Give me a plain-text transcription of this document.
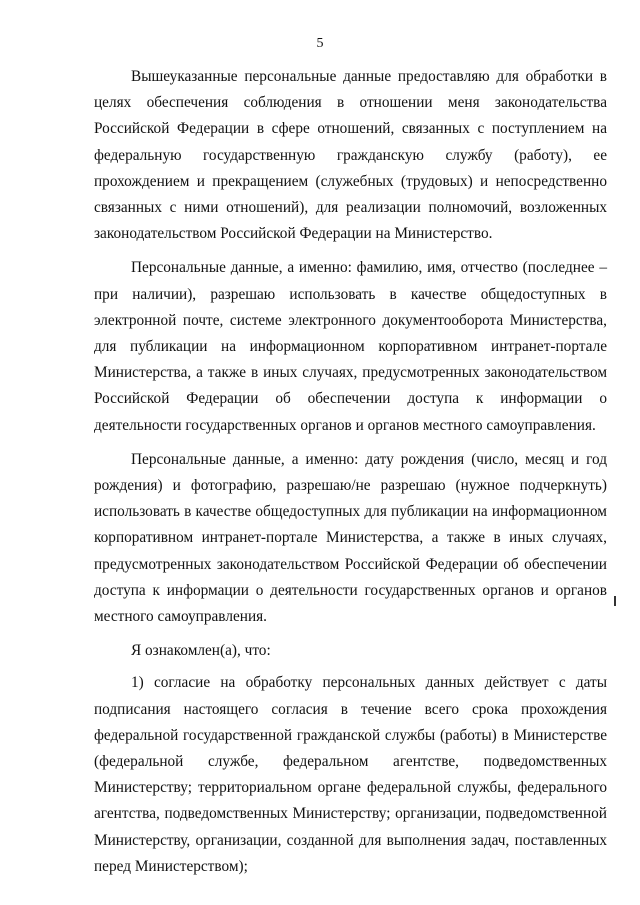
5

Вышеуказанные персональные данные предоставляю для обработки в целях обеспечения соблюдения в отношении меня законодательства Российской Федерации в сфере отношений, связанных с поступлением на федеральную государственную гражданскую службу (работу), ее прохождением и прекращением (служебных (трудовых) и непосредственно связанных с ними отношений), для реализации полномочий, возложенных законодательством Российской Федерации на Министерство.

Персональные данные, а именно: фамилию, имя, отчество (последнее – при наличии), разрешаю использовать в качестве общедоступных в электронной почте, системе электронного документооборота Министерства, для публикации на информационном корпоративном интранет-портале Министерства, а также в иных случаях, предусмотренных законодательством Российской Федерации об обеспечении доступа к информации о деятельности государственных органов и органов местного самоуправления.

Персональные данные, а именно: дату рождения (число, месяц и год рождения) и фотографию, разрешаю/не разрешаю (нужное подчеркнуть) использовать в качестве общедоступных для публикации на информационном корпоративном интранет-портале Министерства, а также в иных случаях, предусмотренных законодательством Российской Федерации об обеспечении доступа к информации о деятельности государственных органов и органов местного самоуправления.

Я ознакомлен(а), что:

1) согласие на обработку персональных данных действует с даты подписания настоящего согласия в течение всего срока прохождения федеральной государственной гражданской службы (работы) в Министерстве (федеральной службе, федеральном агентстве, подведомственных Министерству; территориальном органе федеральной службы, федерального агентства, подведомственных Министерству; организации, подведомственной Министерству, организации, созданной для выполнения задач, поставленных перед Министерством);
